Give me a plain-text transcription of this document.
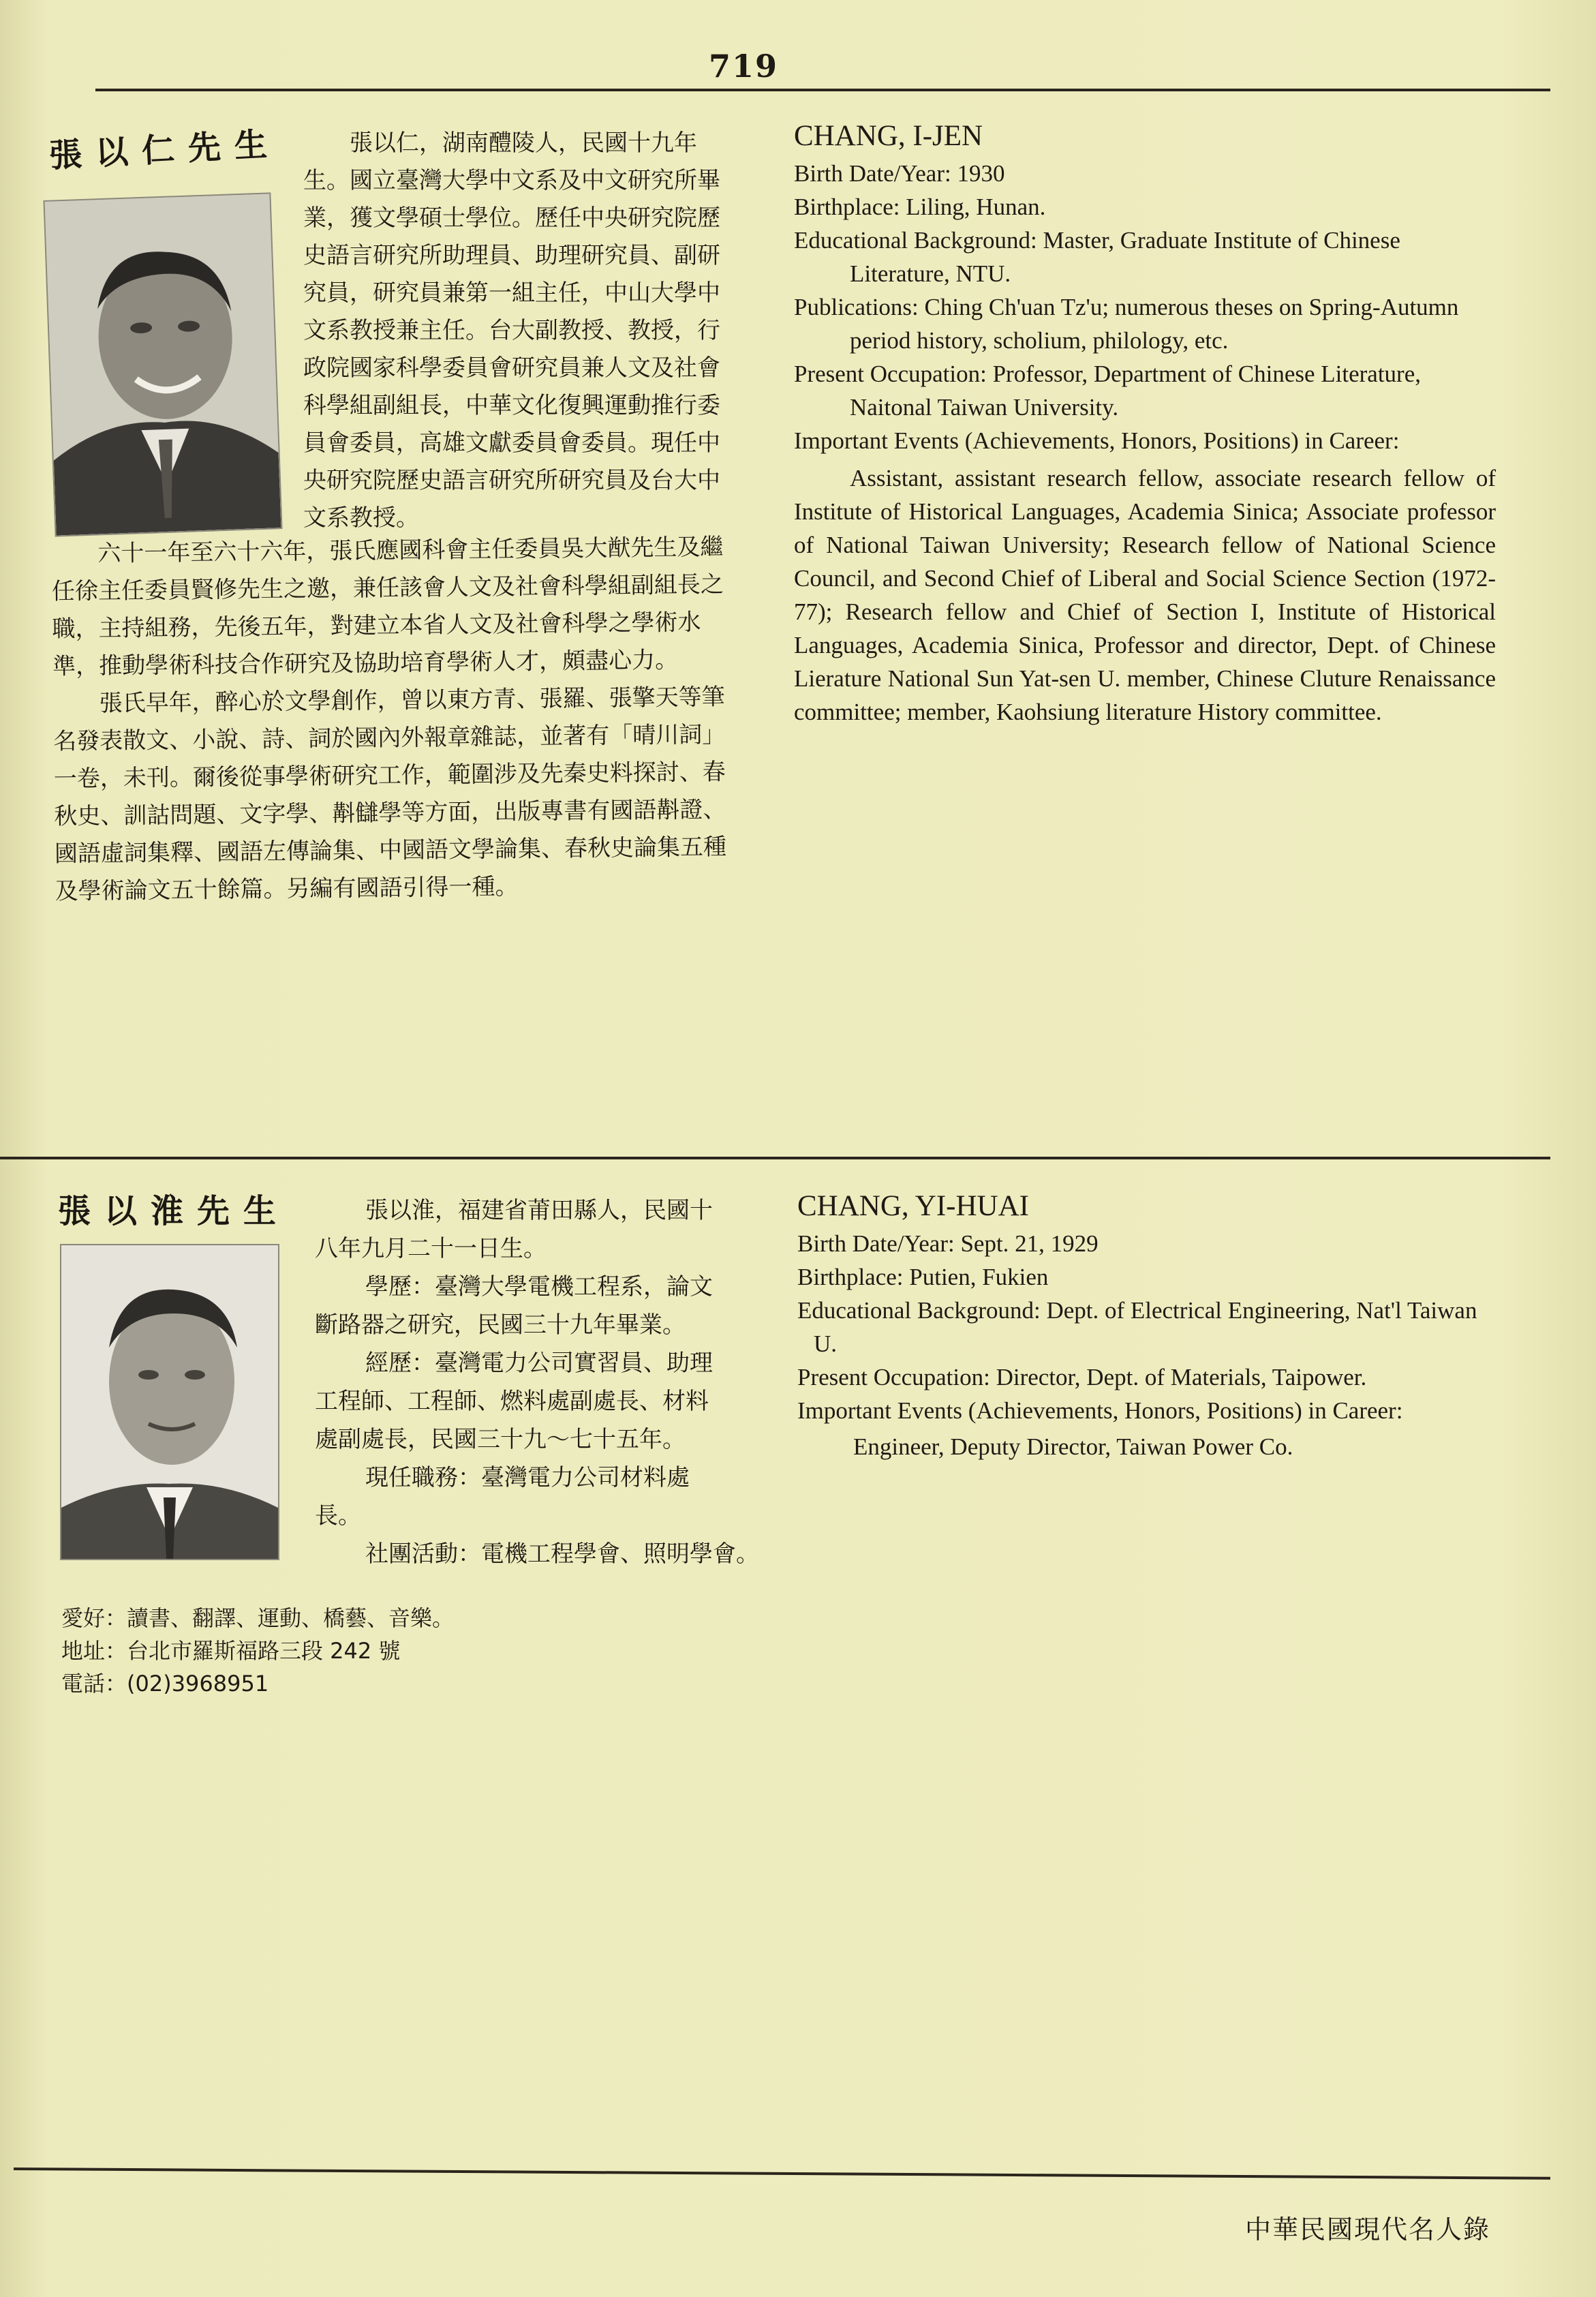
719
張以仁先生	張以仁，湖南醴陵人，民國十九年生。國立臺灣大學中文系及中文研究所畢業，獲文學碩士學位。歷任中央研究院歷史語言研究所助理員、助理研究員、副研究員，研究員兼第一組主任，中山大學中文系教授兼主任。台大副教授、教授，行政院國家科學委員會研究員兼人文及社會科學組副組長，中華文化復興運動推行委員會委員，高雄文獻委員會委員。現任中央研究院歷史語言研究所研究員及台大中文系教授。

六十一年至六十六年，張氏應國科會主任委員吳大猷先生及繼任徐主任委員賢修先生之邀，兼任該會人文及社會科學組副組長之職，主持組務，先後五年，對建立本省人文及社會科學之學術水準，推動學術科技合作研究及協助培育學術人才，頗盡心力。

張氏早年，醉心於文學創作，曾以東方青、張羅、張擎天等筆名發表散文、小說、詩、詞於國內外報章雜誌，並著有「晴川詞」一卷，未刊。爾後從事學術研究工作，範圍涉及先秦史料探討、春秋史、訓詁問題、文字學、斠讎學等方面，出版專書有國語斠證、國語虛詞集釋、國語左傳論集、中國語文學論集、春秋史論集五種及學術論文五十餘篇。另編有國語引得一種。

CHANG, I-JEN

Birth Date/Year: 1930

Birthplace: Liling, Hunan.

Educational Background: Master, Graduate Institute of Chinese Literature, NTU.

Publications: Ching Ch'uan Tz'u; numerous theses on Spring-Autumn period history, scholium, philology, etc.

Present Occupation: Professor, Department of Chinese Literature, Naitonal Taiwan University.

Important Events (Achievements, Honors, Positions) in Career:

Assistant, assistant research fellow, associate research fellow of Institute of Historical Languages, Academia Sinica; Associate professor of National Taiwan University; Research fellow of National Science Council, and Second Chief of Liberal and Social Science Section (1972-77); Research fellow and Chief of Section I, Institute of Historical Languages, Academia Sinica, Professor and director, Dept. of Chinese Lierature National Sun Yat-sen U. member, Chinese Cluture Renaissance committee; member, Kaohsiung literature History committee.

張以淮先生	張以淮，福建省莆田縣人，民國十八年九月二十一日生。

學歷：臺灣大學電機工程系，論文斷路器之研究，民國三十九年畢業。

經歷：臺灣電力公司實習員、助理工程師、工程師、燃料處副處長、材料處副處長，民國三十九～七十五年。

現任職務：臺灣電力公司材料處長。

社團活動：電機工程學會、照明學會。

愛好：讀書、翻譯、運動、橋藝、音樂。

地址：台北市羅斯福路三段 242 號

電話：(02)3968951

CHANG, YI-HUAI

Birth Date/Year: Sept. 21, 1929

Birthplace: Putien, Fukien

Educational Background: Dept. of Electrical Engineering, Nat'l Taiwan U.

Present Occupation: Director, Dept. of Materials, Taipower.

Important Events (Achievements, Honors, Positions) in Career:

Engineer, Deputy Director, Taiwan Power Co.

中華民國現代名人錄
